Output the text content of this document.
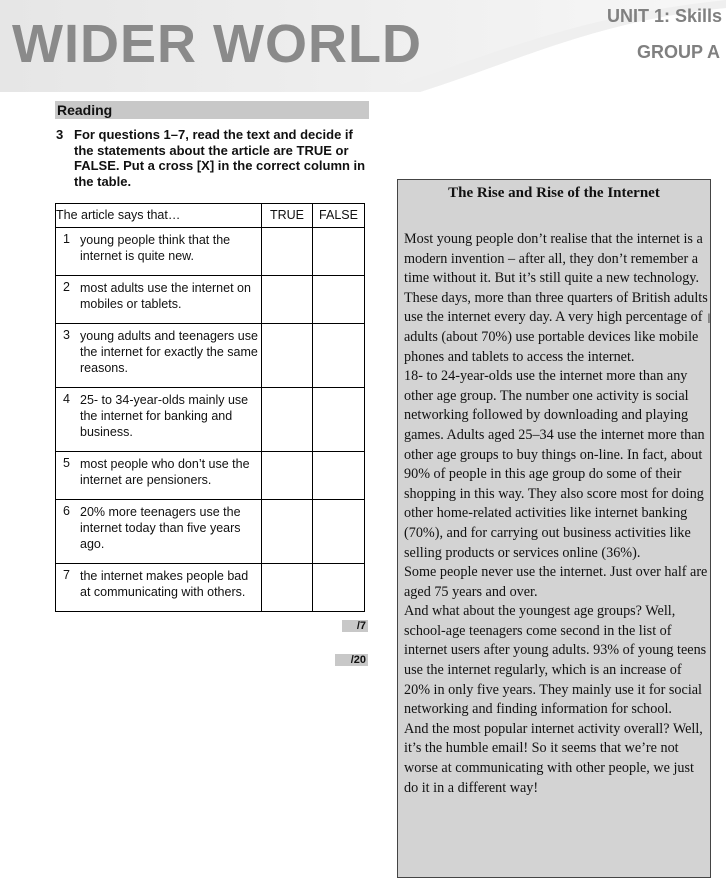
WIDER WORLD	UNIT 1: Skills
GROUP A
Reading
3 For questions 1–7, read the text and decide if the statements about the article are TRUE or FALSE. Put a cross [X] in the correct column in the table.
The article says that…	TRUE	FALSE

1 young people think that the internet is quite new.		

2 most adults use the internet on mobiles or tablets.		

3 young adults and teenagers use the internet for exactly the same reasons.		

4 25- to 34-year-olds mainly use the internet for banking and business.		

5 most people who don’t use the internet are pensioners.		

6 20% more teenagers use the internet today than five years ago.		

7 the internet makes people bad at communicating with others.		

/7
/20
The Rise and Rise of the Internet

Most young people don’t realise that the internet is a modern invention – after all, they don’t remember a time without it. But it’s still quite a new technology.

These days, more than three quarters of British adults use the internet every day. A very high percentage of adults (about 70%) use portable devices like mobile phones and tablets to access the internet.

18- to 24-year-olds use the internet more than any other age group. The number one activity is social networking followed by downloading and playing games. Adults aged 25–34 use the internet more than other age groups to buy things on-line. In fact, about 90% of people in this age group do some of their shopping in this way. They also score most for doing other home-related activities like internet banking (70%), and for carrying out business activities like selling products or services online (36%).

Some people never use the internet. Just over half are aged 75 years and over.

And what about the youngest age groups? Well, school-age teenagers come second in the list of internet users after young adults. 93% of young teens use the internet regularly, which is an increase of 20% in only five years. They mainly use it for social networking and finding information for school.

And the most popular internet activity overall? Well, it’s the humble email! So it seems that we’re not worse at communicating with other people, we just do it in a different way!

I
